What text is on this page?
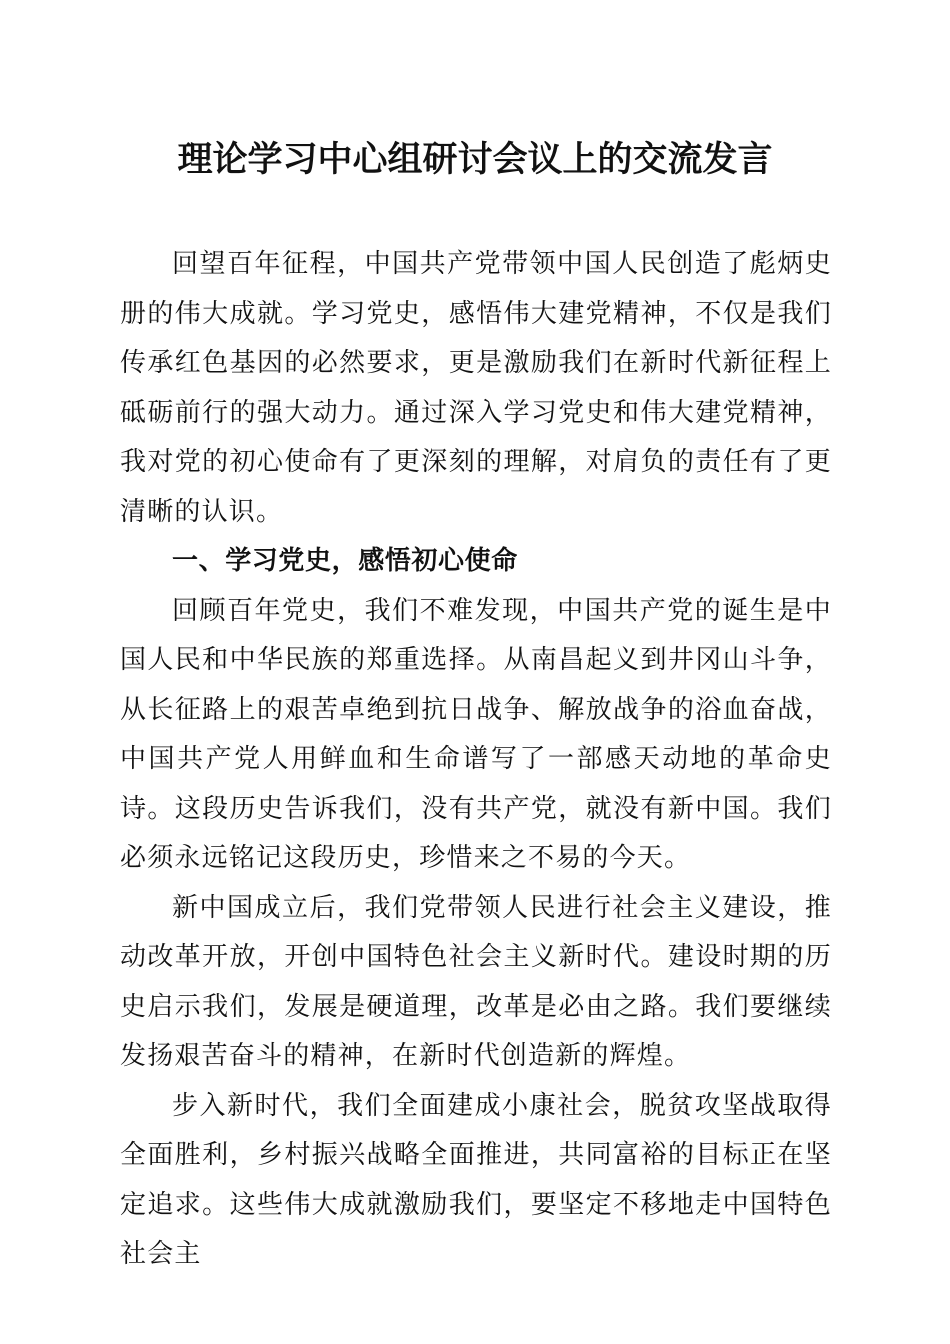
理论学习中心组研讨会议上的交流发言

回望百年征程，中国共产党带领中国人民创造了彪炳史册的伟大成就。学习党史，感悟伟大建党精神，不仅是我们传承红色基因的必然要求，更是激励我们在新时代新征程上砥砺前行的强大动力。通过深入学习党史和伟大建党精神，我对党的初心使命有了更深刻的理解，对肩负的责任有了更清晰的认识。

一、学习党史，感悟初心使命

回顾百年党史，我们不难发现，中国共产党的诞生是中国人民和中华民族的郑重选择。从南昌起义到井冈山斗争，从长征路上的艰苦卓绝到抗日战争、解放战争的浴血奋战，中国共产党人用鲜血和生命谱写了一部感天动地的革命史诗。这段历史告诉我们，没有共产党，就没有新中国。我们必须永远铭记这段历史，珍惜来之不易的今天。

新中国成立后，我们党带领人民进行社会主义建设，推动改革开放，开创中国特色社会主义新时代。建设时期的历史启示我们，发展是硬道理，改革是必由之路。我们要继续发扬艰苦奋斗的精神，在新时代创造新的辉煌。

步入新时代，我们全面建成小康社会，脱贫攻坚战取得全面胜利，乡村振兴战略全面推进，共同富裕的目标正在坚定追求。这些伟大成就激励我们，要坚定不移地走中国特色社会主
